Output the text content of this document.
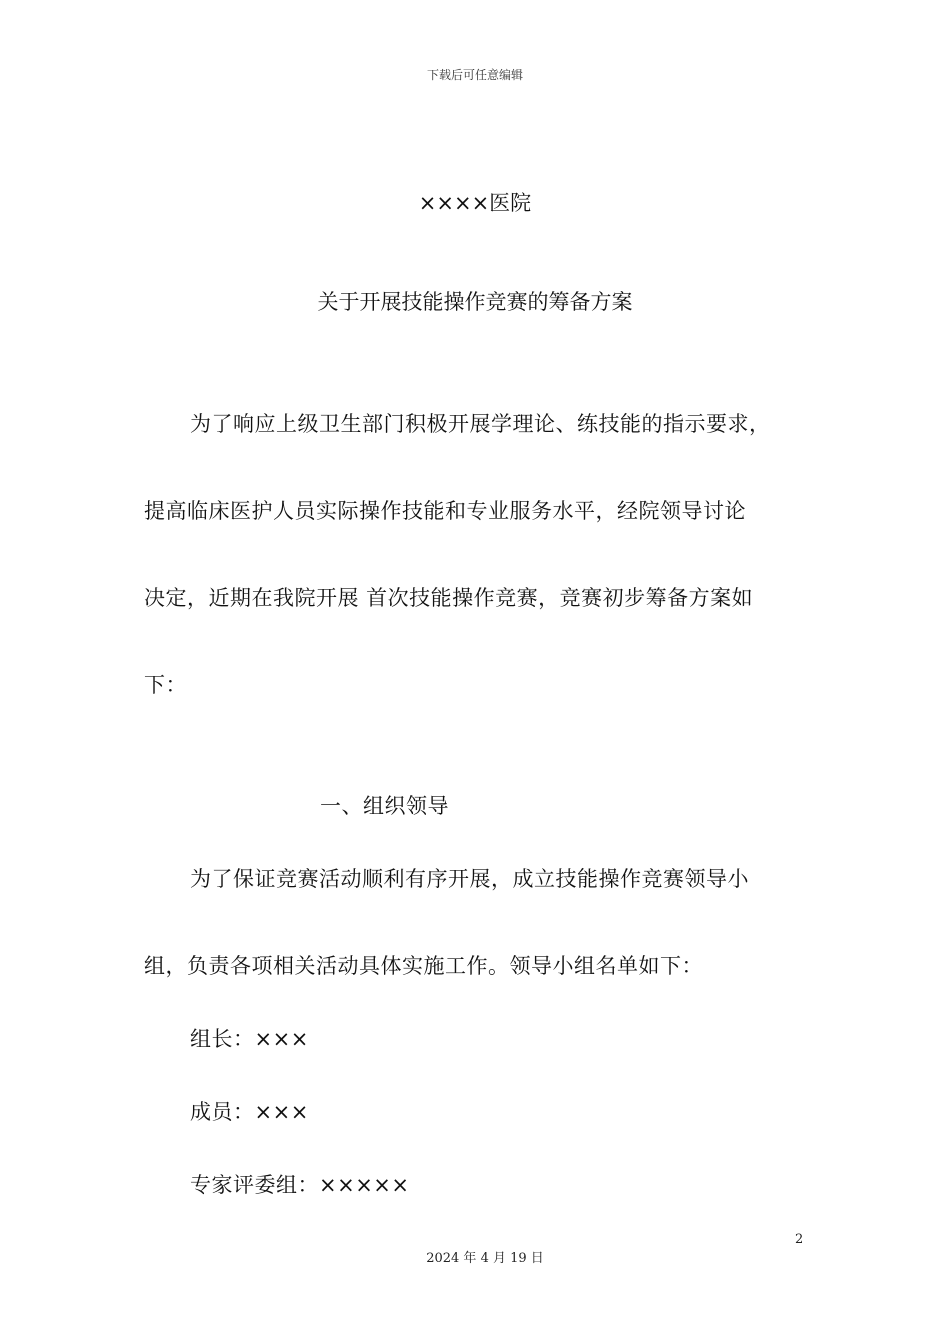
下载后可任意编辑
××××医院
关于开展技能操作竞赛的筹备方案
为了响应上级卫生部门积极开展学理论、练技能的指示要求，
提高临床医护人员实际操作技能和专业服务水平，经院领导讨论
决定，近期在我院开展 首次技能操作竞赛，竞赛初步筹备方案如
下：
一、组织领导
为了保证竞赛活动顺利有序开展，成立技能操作竞赛领导小
组，负责各项相关活动具体实施工作。领导小组名单如下：
组长：×××
成员：×××
专家评委组：×××××
2
2024 年 4 月 19 日
